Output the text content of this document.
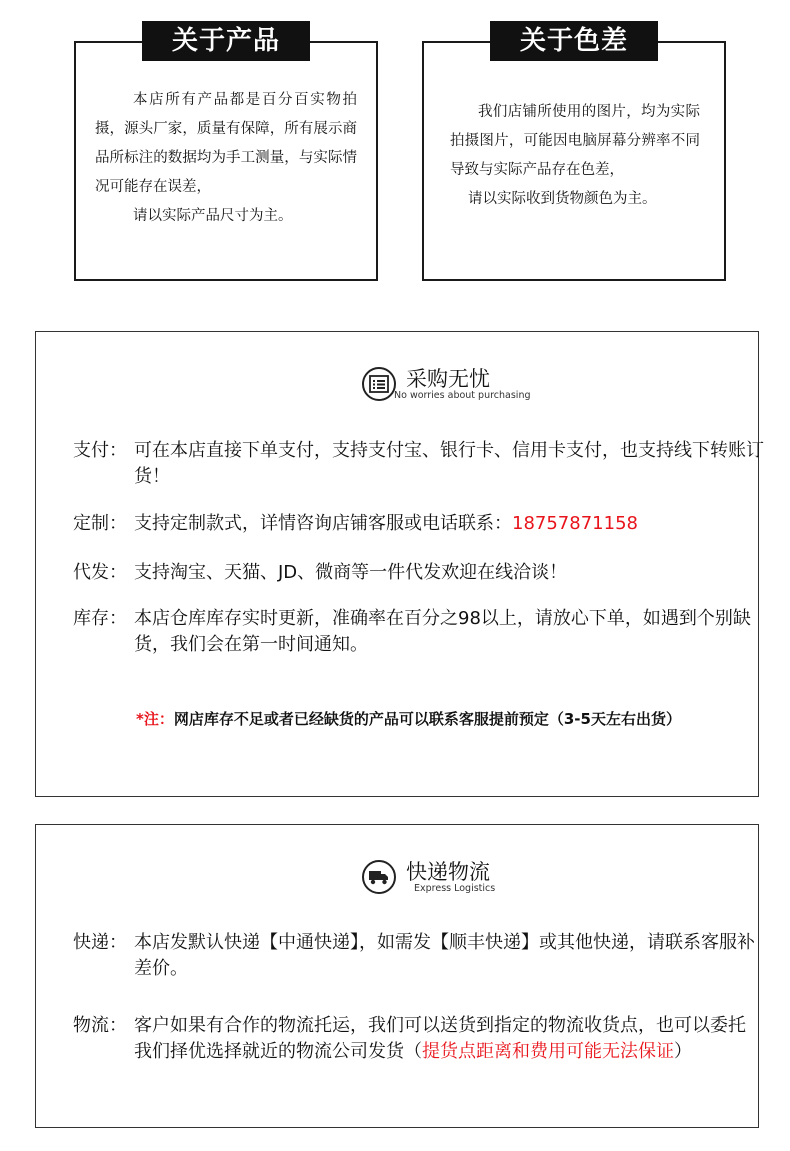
关于产品

本店所有产品都是百分百实物拍摄，源头厂家，质量有保障，所有展示商品所标注的数据均为手工测量，与实际情况可能存在误差，

请以实际产品尺寸为主。

关于色差

我们店铺所使用的图片，均为实际拍摄图片，可能因电脑屏幕分辨率不同导致与实际产品存在色差，

请以实际收到货物颜色为主。

采购无忧
No worries about purchasing
支付： 可在本店直接下单支付，支持支付宝、银行卡、信用卡支付，也支持线下转账订货！
定制： 支持定制款式，详情咨询店铺客服或电话联系：18757871158
代发： 支持淘宝、天猫、JD、微商等一件代发欢迎在线洽谈！
库存： 本店仓库库存实时更新，准确率在百分之98以上，请放心下单，如遇到个别缺货，我们会在第一时间通知。
*注：网店库存不足或者已经缺货的产品可以联系客服提前预定（3-5天左右出货）
快递物流
Express Logistics
快递： 本店发默认快递【中通快递】，如需发【顺丰快递】或其他快递，请联系客服补差价。
物流： 客户如果有合作的物流托运，我们可以送货到指定的物流收货点，也可以委托我们择优选择就近的物流公司发货（提货点距离和费用可能无法保证）
